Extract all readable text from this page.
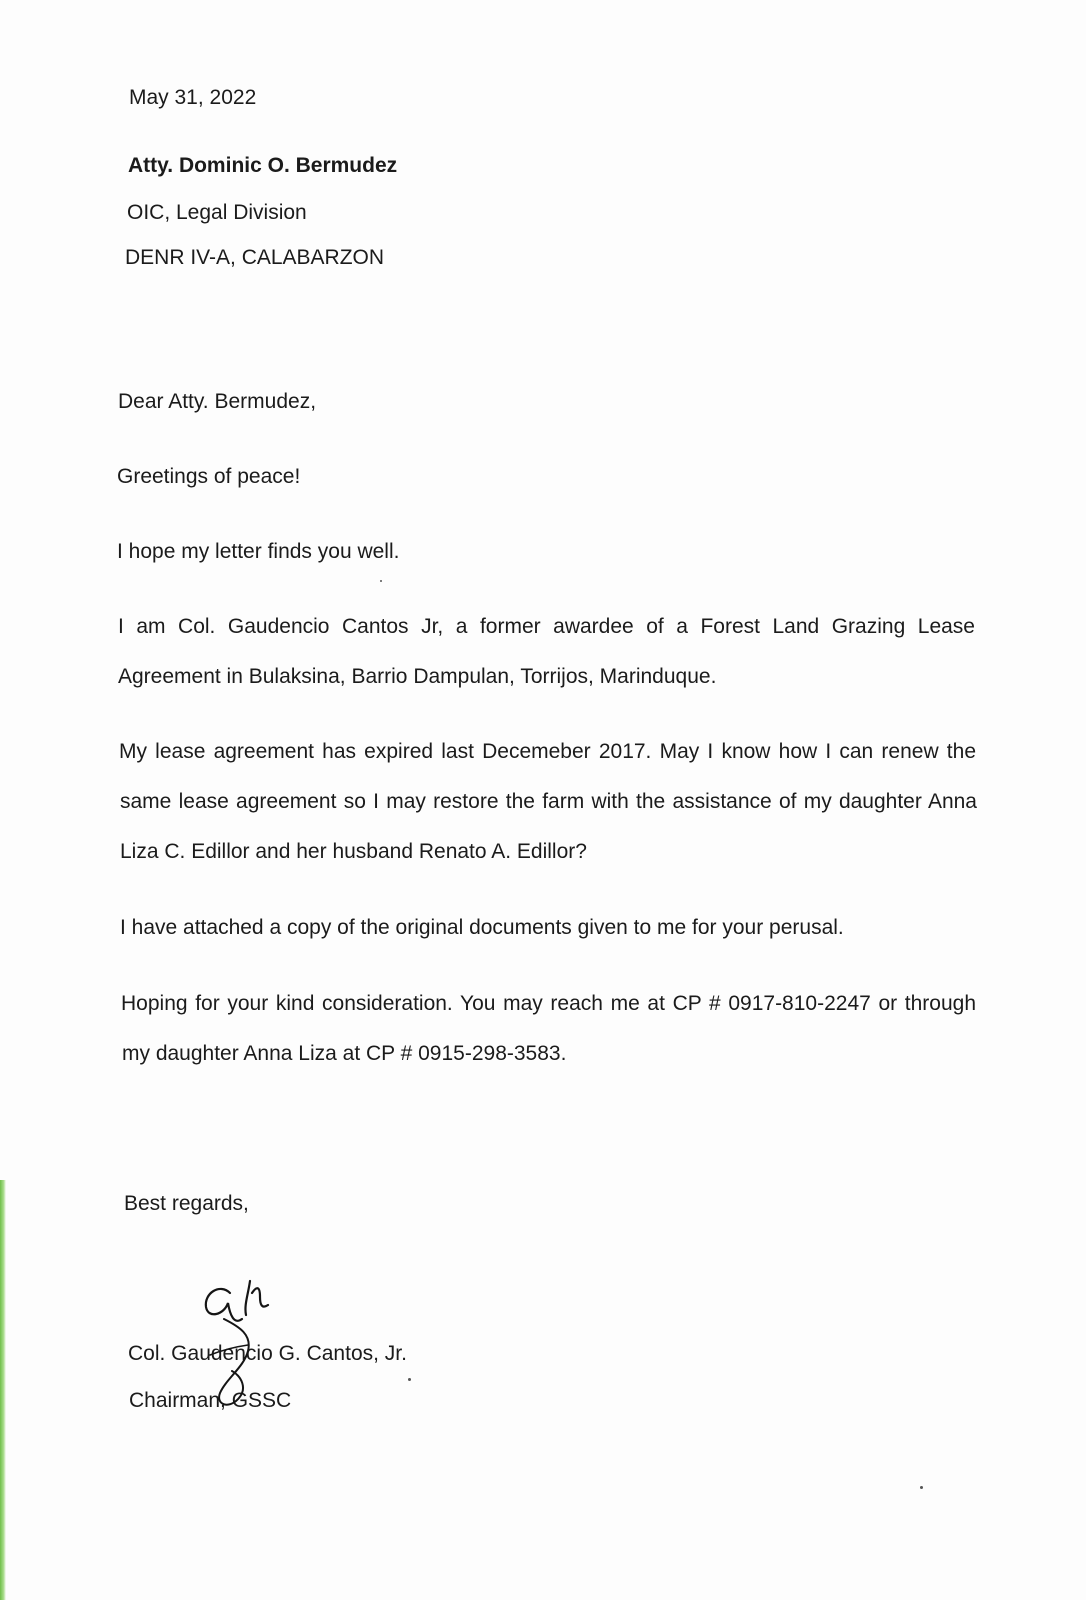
May 31, 2022
Atty. Dominic O. Bermudez
OIC, Legal Division
DENR IV-A, CALABARZON
Dear Atty. Bermudez,
Greetings of peace!
I hope my letter finds you well.
I am Col. Gaudencio Cantos Jr, a former awardee of a Forest Land Grazing Lease
Agreement in Bulaksina, Barrio Dampulan, Torrijos, Marinduque.
My lease agreement has expired last Decemeber 2017. May I know how I can renew the
same lease agreement so I may restore the farm with the assistance of my daughter Anna
Liza C. Edillor and her husband Renato A. Edillor?
I have attached a copy of the original documents given to me for your perusal.
Hoping for your kind consideration. You may reach me at CP # 0917-810-2247 or through
my daughter Anna Liza at CP # 0915-298-3583.
Best regards,
Col. Gaudencio G. Cantos, Jr.
Chairman, GSSC
